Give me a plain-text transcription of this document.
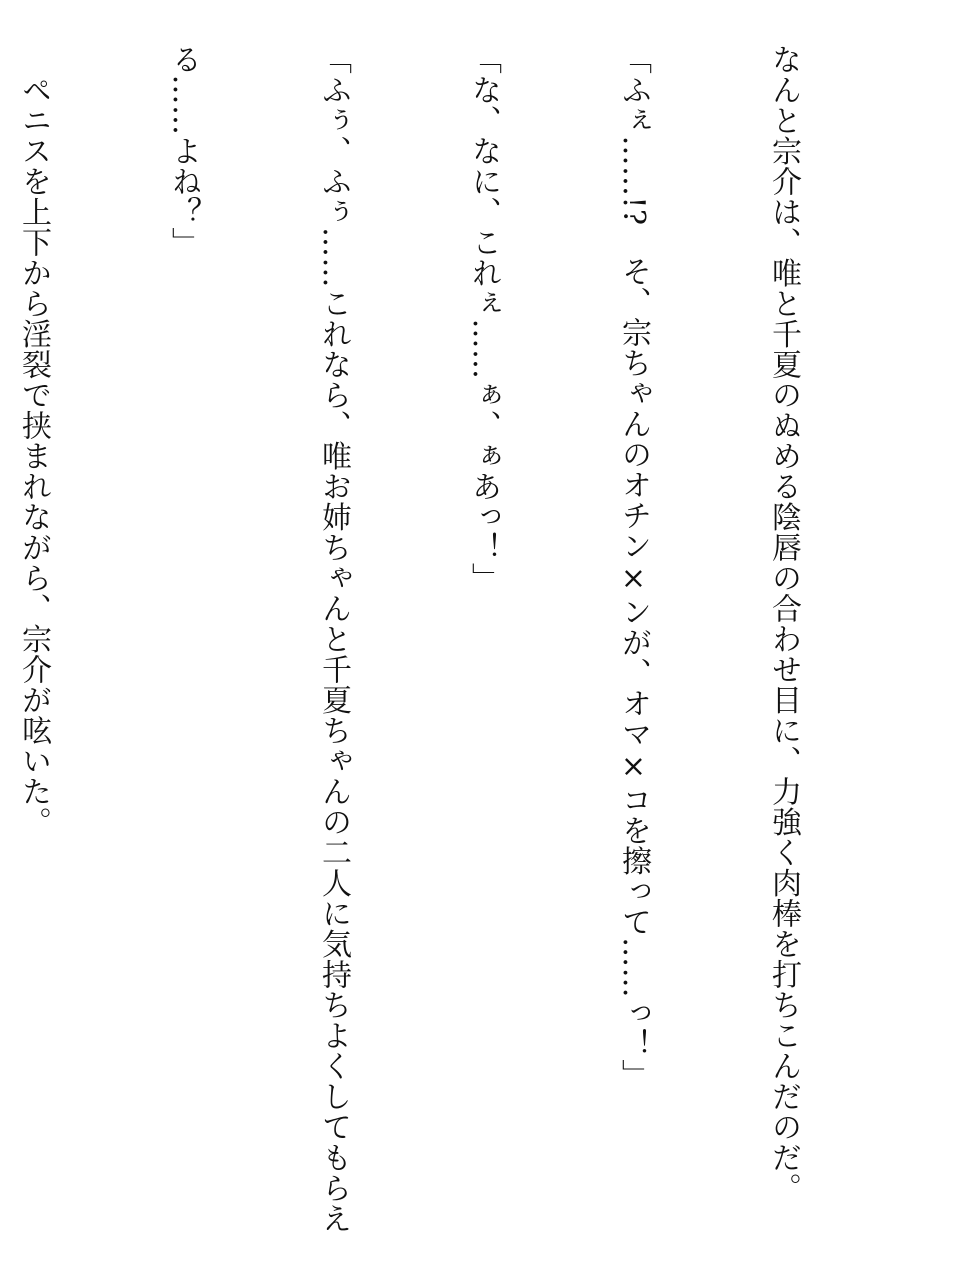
なんと宗介は、唯と千夏のぬめる陰唇の合わせ目に、力強く肉棒を打ちこんだのだ。

「ふぇ……!?　そ、宗ちゃんのオチン×ンが、オマ×コを擦って……っ！」

「な、なに、これぇ……ぁ、ぁあっ！」

「ふぅ、ふぅ……これなら、唯お姉ちゃんと千夏ちゃんの二人に気持ちよくしてもらえ

る……よね？」

　ペニスを上下から淫裂で挟まれながら、宗介が呟いた。
